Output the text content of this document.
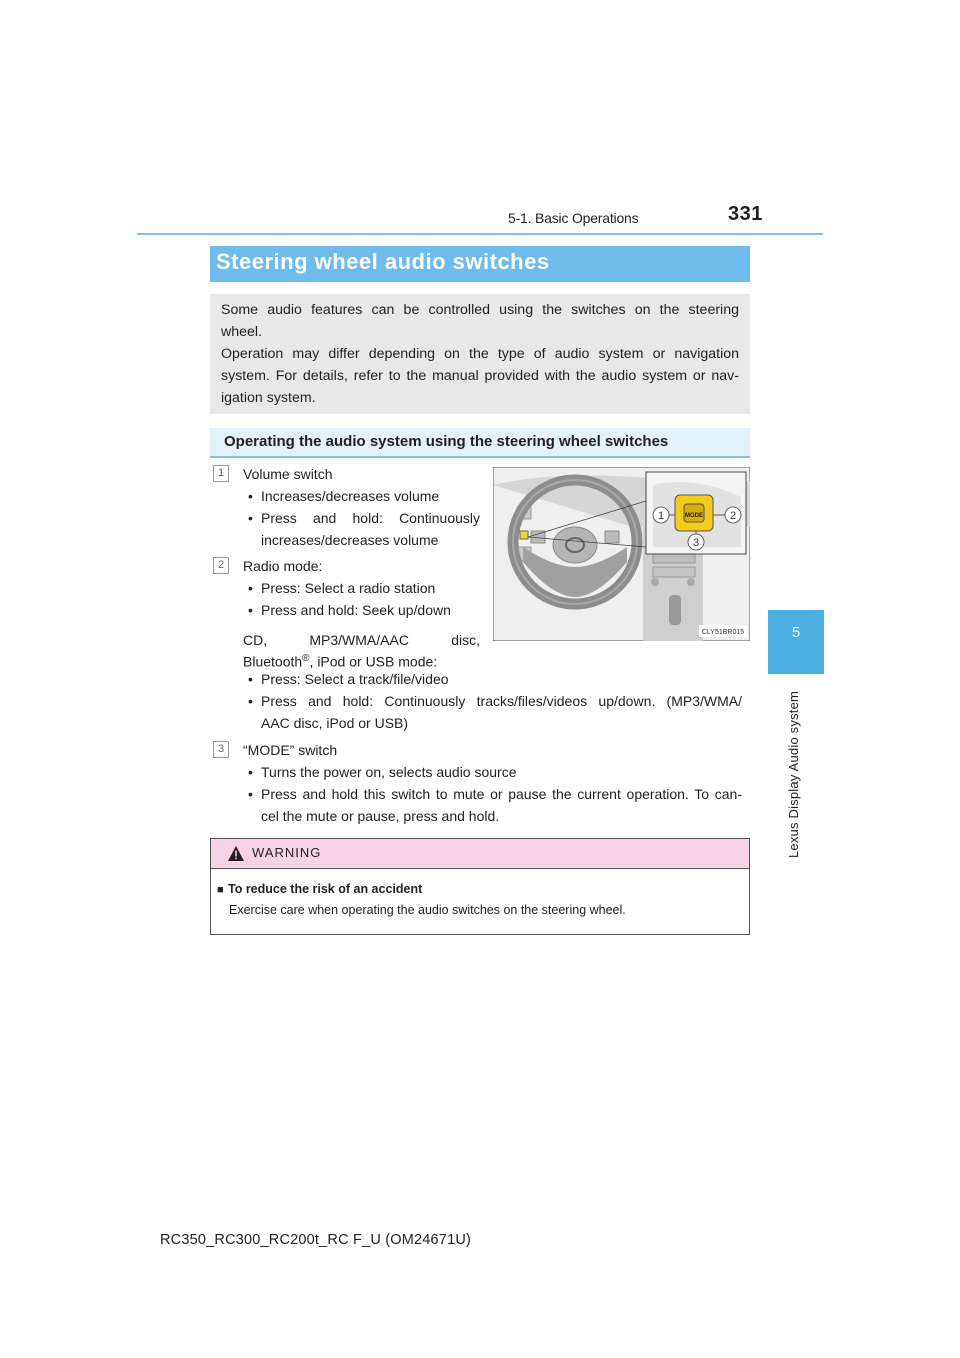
5-1. Basic Operations	331
5
Lexus Display Audio system
Steering wheel audio switches
Some audio features can be controlled using the switches on the steering
wheel.
Operation may differ depending on the type of audio system or navigation
system. For details, refer to the manual provided with the audio system or nav-
igation system.
Operating the audio system using the steering wheel switches
1	Volume switch
• Increases/decreases volume
• Press and hold: Continuously
increases/decreases volume
2	Radio mode:
• Press: Select a radio station
• Press and hold: Seek up/down
CD, MP3/WMA/AAC disc,
Bluetooth®, iPod or USB mode:
• Press: Select a track/file/video
• Press and hold: Continuously tracks/files/videos up/down. (MP3/WMA/
AAC disc, iPod or USB)
3	“MODE” switch
• Turns the power on, selects audio source
• Press and hold this switch to mute or pause the current operation. To can-
cel the mute or pause, press and hold.
MODE
1	2
3
CLY51BR015
WARNING
■ To reduce the risk of an accident
Exercise care when operating the audio switches on the steering wheel.
RC350_RC300_RC200t_RC F_U (OM24671U)
